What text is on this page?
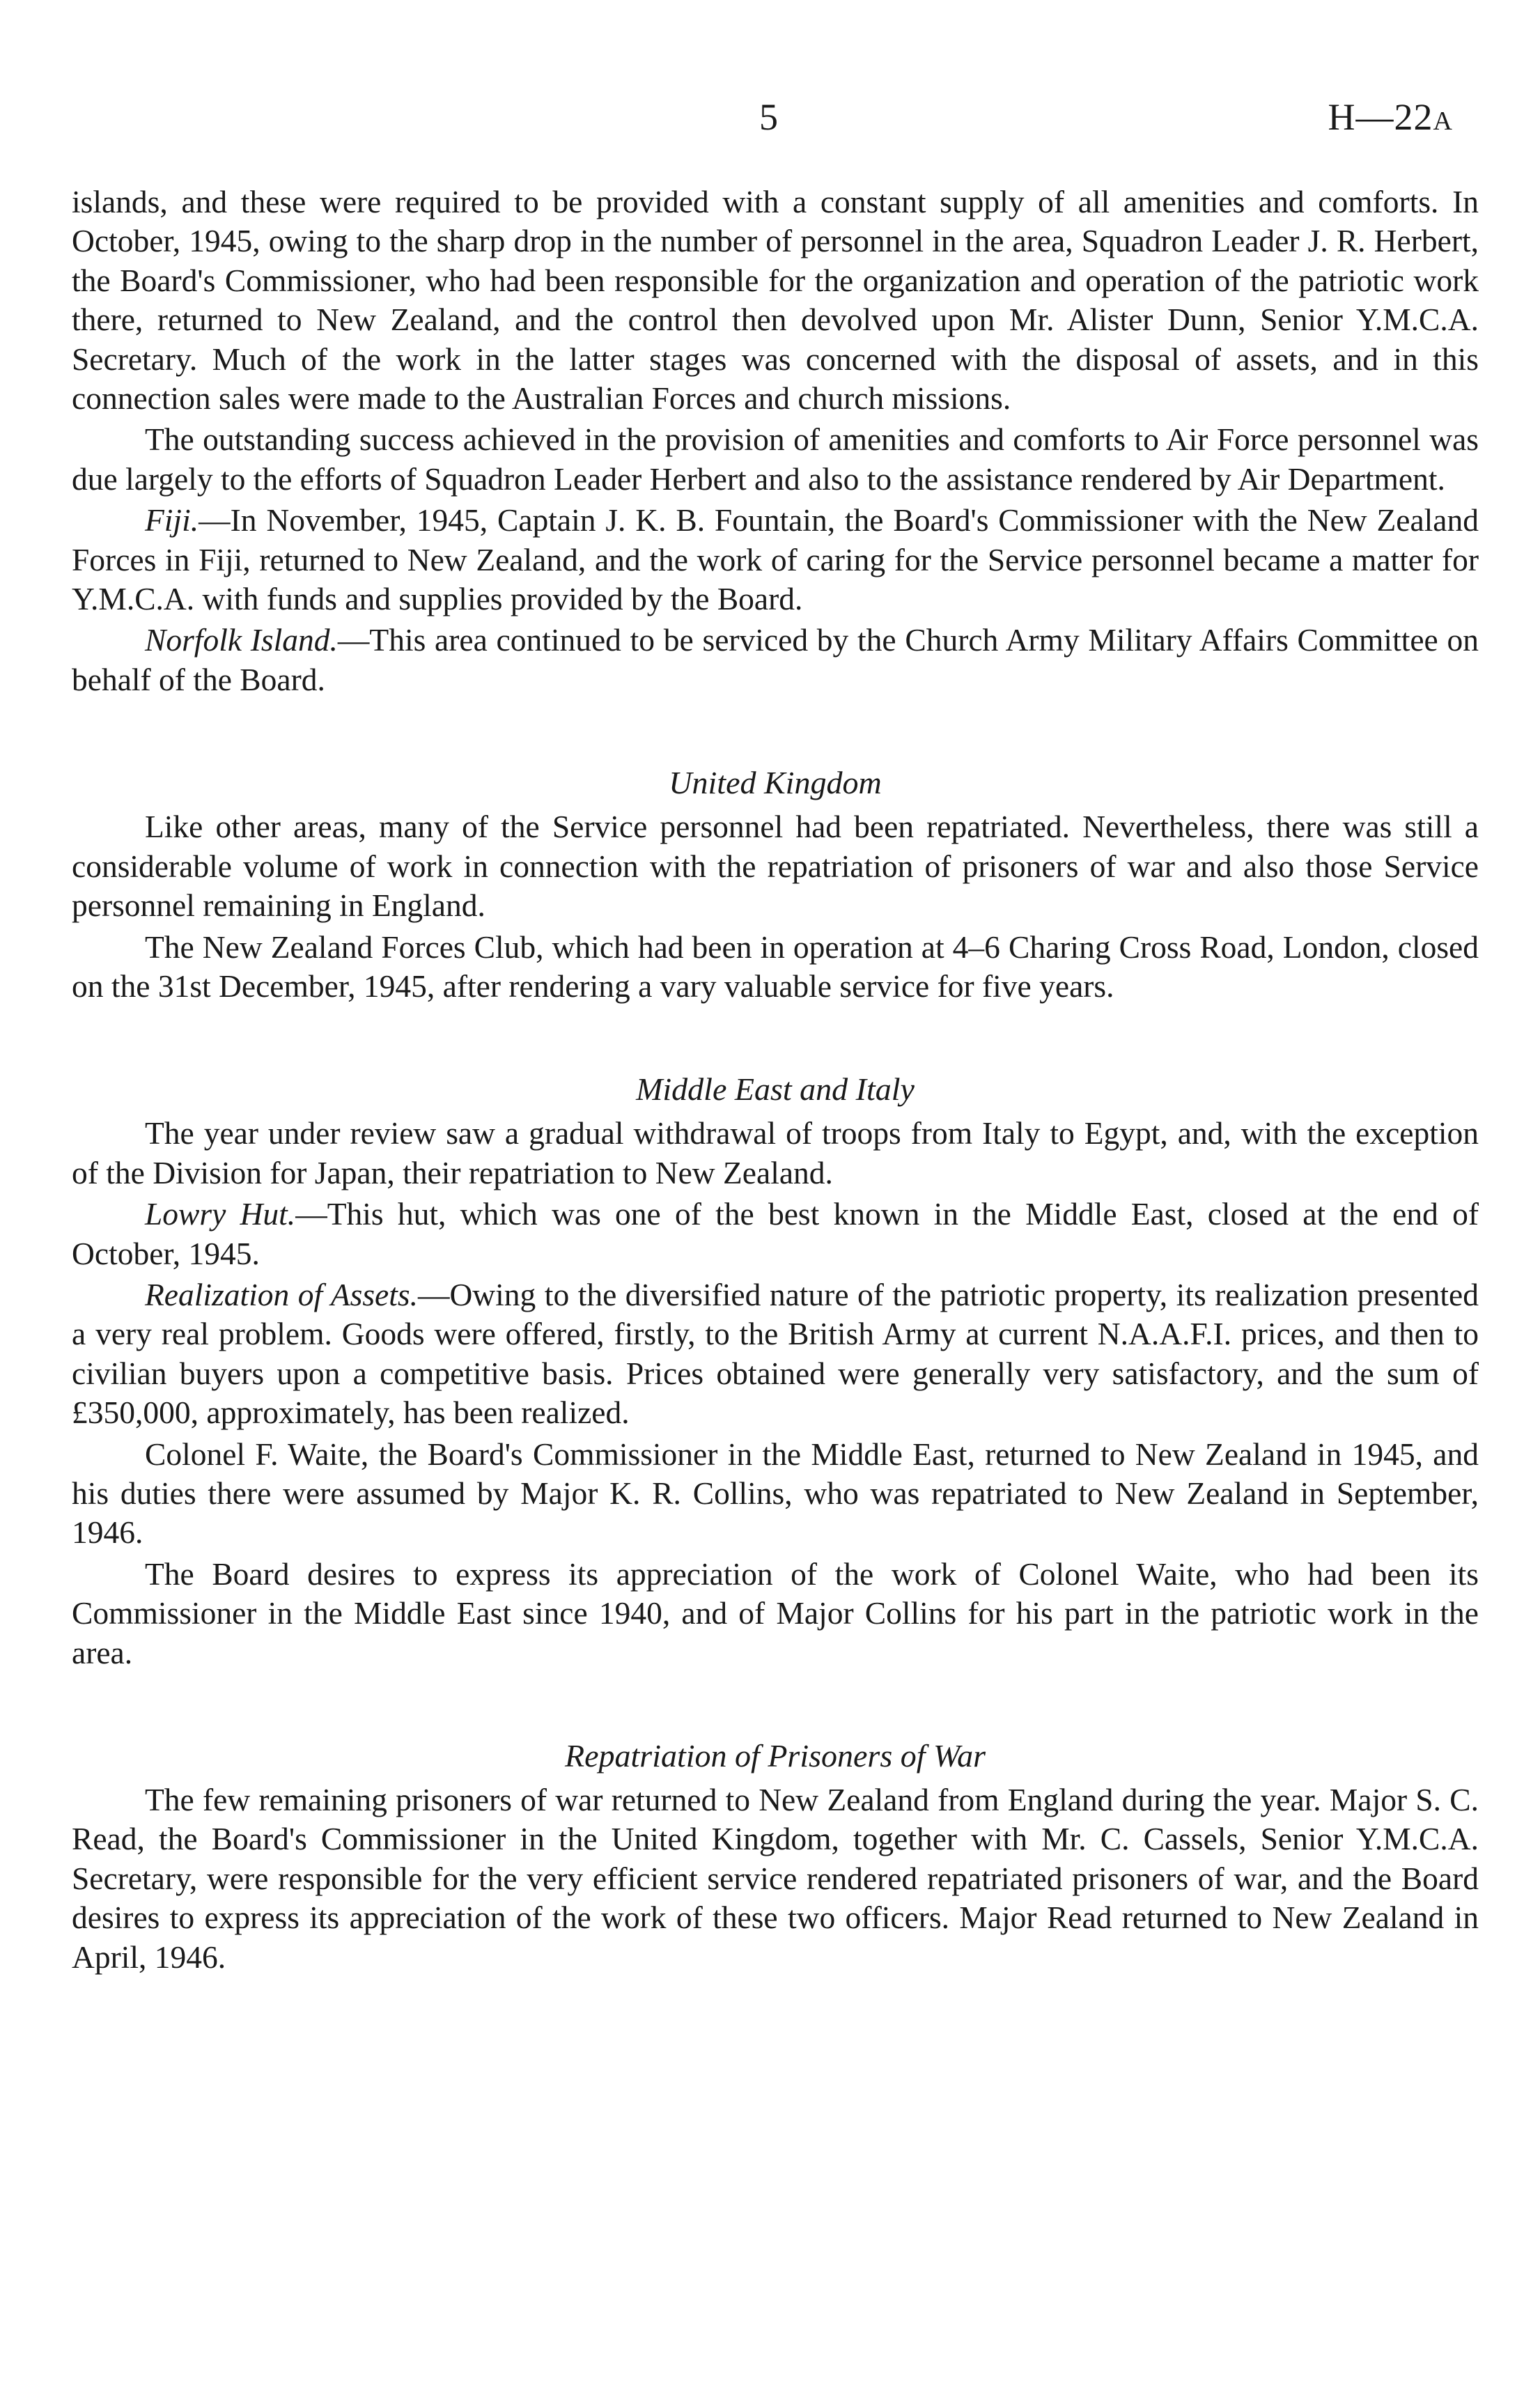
5	H—22A

islands, and these were required to be provided with a constant supply of all amenities and comforts. In October, 1945, owing to the sharp drop in the number of personnel in the area, Squadron Leader J. R. Herbert, the Board's Commissioner, who had been responsible for the organization and operation of the patriotic work there, returned to New Zealand, and the control then devolved upon Mr. Alister Dunn, Senior Y.M.C.A. Secretary. Much of the work in the latter stages was concerned with the disposal of assets, and in this connection sales were made to the Australian Forces and church missions.

The outstanding success achieved in the provision of amenities and comforts to Air Force personnel was due largely to the efforts of Squadron Leader Herbert and also to the assistance rendered by Air Department.

Fiji.—In November, 1945, Captain J. K. B. Fountain, the Board's Commissioner with the New Zealand Forces in Fiji, returned to New Zealand, and the work of caring for the Service personnel became a matter for Y.M.C.A. with funds and supplies provided by the Board.

Norfolk Island.—This area continued to be serviced by the Church Army Military Affairs Committee on behalf of the Board.

United Kingdom

Like other areas, many of the Service personnel had been repatriated. Nevertheless, there was still a considerable volume of work in connection with the repatriation of prisoners of war and also those Service personnel remaining in England.

The New Zealand Forces Club, which had been in operation at 4–6 Charing Cross Road, London, closed on the 31st December, 1945, after rendering a vary valuable service for five years.

Middle East and Italy

The year under review saw a gradual withdrawal of troops from Italy to Egypt, and, with the exception of the Division for Japan, their repatriation to New Zealand.

Lowry Hut.—This hut, which was one of the best known in the Middle East, closed at the end of October, 1945.

Realization of Assets.—Owing to the diversified nature of the patriotic property, its realization presented a very real problem. Goods were offered, firstly, to the British Army at current N.A.A.F.I. prices, and then to civilian buyers upon a competitive basis. Prices obtained were generally very satisfactory, and the sum of £350,000, approximately, has been realized.

Colonel F. Waite, the Board's Commissioner in the Middle East, returned to New Zealand in 1945, and his duties there were assumed by Major K. R. Collins, who was repatriated to New Zealand in September, 1946.

The Board desires to express its appreciation of the work of Colonel Waite, who had been its Commissioner in the Middle East since 1940, and of Major Collins for his part in the patriotic work in the area.

Repatriation of Prisoners of War

The few remaining prisoners of war returned to New Zealand from England during the year. Major S. C. Read, the Board's Commissioner in the United Kingdom, together with Mr. C. Cassels, Senior Y.M.C.A. Secretary, were responsible for the very efficient service rendered repatriated prisoners of war, and the Board desires to express its appreciation of the work of these two officers. Major Read returned to New Zealand in April, 1946.
